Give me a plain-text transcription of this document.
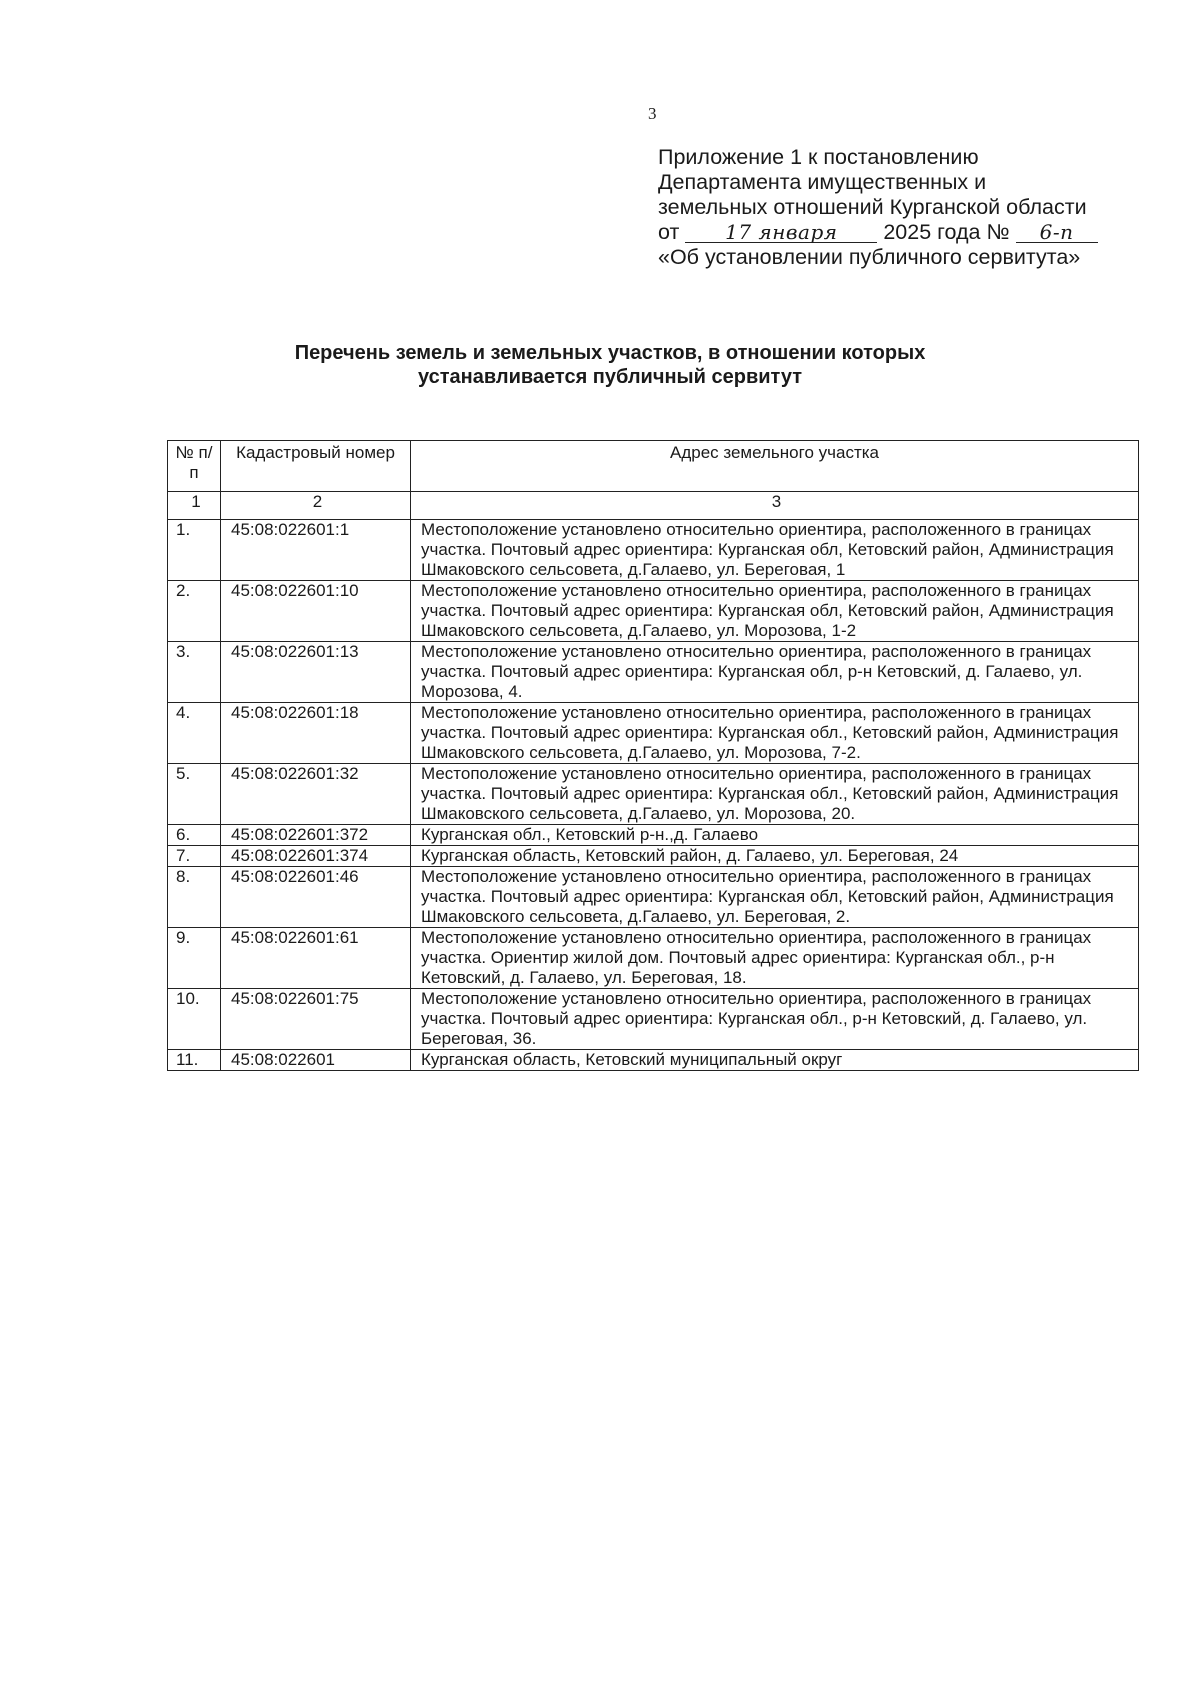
3
Приложение 1 к постановлению
Департамента имущественных и
земельных отношений Курганской области
от 17 января 2025 года № 6-п
«Об установлении публичного сервитута»
Перечень земель и земельных участков, в отношении которых
устанавливается публичный сервитут
№ п/п	Кадастровый номер	Адрес земельного участка
1	2	3
1.	45:08:022601:1	Местоположение установлено относительно ориентира, расположенного в границах участка. Почтовый адрес ориентира: Курганская обл, Кетовский район, Администрация Шмаковского сельсовета, д.Галаево, ул. Береговая, 1
2.	45:08:022601:10	Местоположение установлено относительно ориентира, расположенного в границах участка. Почтовый адрес ориентира: Курганская обл, Кетовский район, Администрация Шмаковского сельсовета, д.Галаево, ул. Морозова, 1-2
3.	45:08:022601:13	Местоположение установлено относительно ориентира, расположенного в границах участка. Почтовый адрес ориентира: Курганская обл, р-н Кетовский, д. Галаево, ул. Морозова, 4.
4.	45:08:022601:18	Местоположение установлено относительно ориентира, расположенного в границах участка. Почтовый адрес ориентира: Курганская обл., Кетовский район, Администрация Шмаковского сельсовета, д.Галаево, ул. Морозова, 7-2.
5.	45:08:022601:32	Местоположение установлено относительно ориентира, расположенного в границах участка. Почтовый адрес ориентира: Курганская обл., Кетовский район, Администрация Шмаковского сельсовета, д.Галаево, ул. Морозова, 20.
6.	45:08:022601:372	Курганская обл., Кетовский р-н.,д. Галаево
7.	45:08:022601:374	Курганская область, Кетовский район, д. Галаево, ул. Береговая, 24
8.	45:08:022601:46	Местоположение установлено относительно ориентира, расположенного в границах участка. Почтовый адрес ориентира: Курганская обл, Кетовский район, Администрация Шмаковского сельсовета, д.Галаево, ул. Береговая, 2.
9.	45:08:022601:61	Местоположение установлено относительно ориентира, расположенного в границах участка. Ориентир жилой дом. Почтовый адрес ориентира: Курганская обл., р-н Кетовский, д. Галаево, ул. Береговая, 18.
10.	45:08:022601:75	Местоположение установлено относительно ориентира, расположенного в границах участка. Почтовый адрес ориентира: Курганская обл., р-н Кетовский, д. Галаево, ул. Береговая, 36.
11.	45:08:022601	Курганская область, Кетовский муниципальный округ
